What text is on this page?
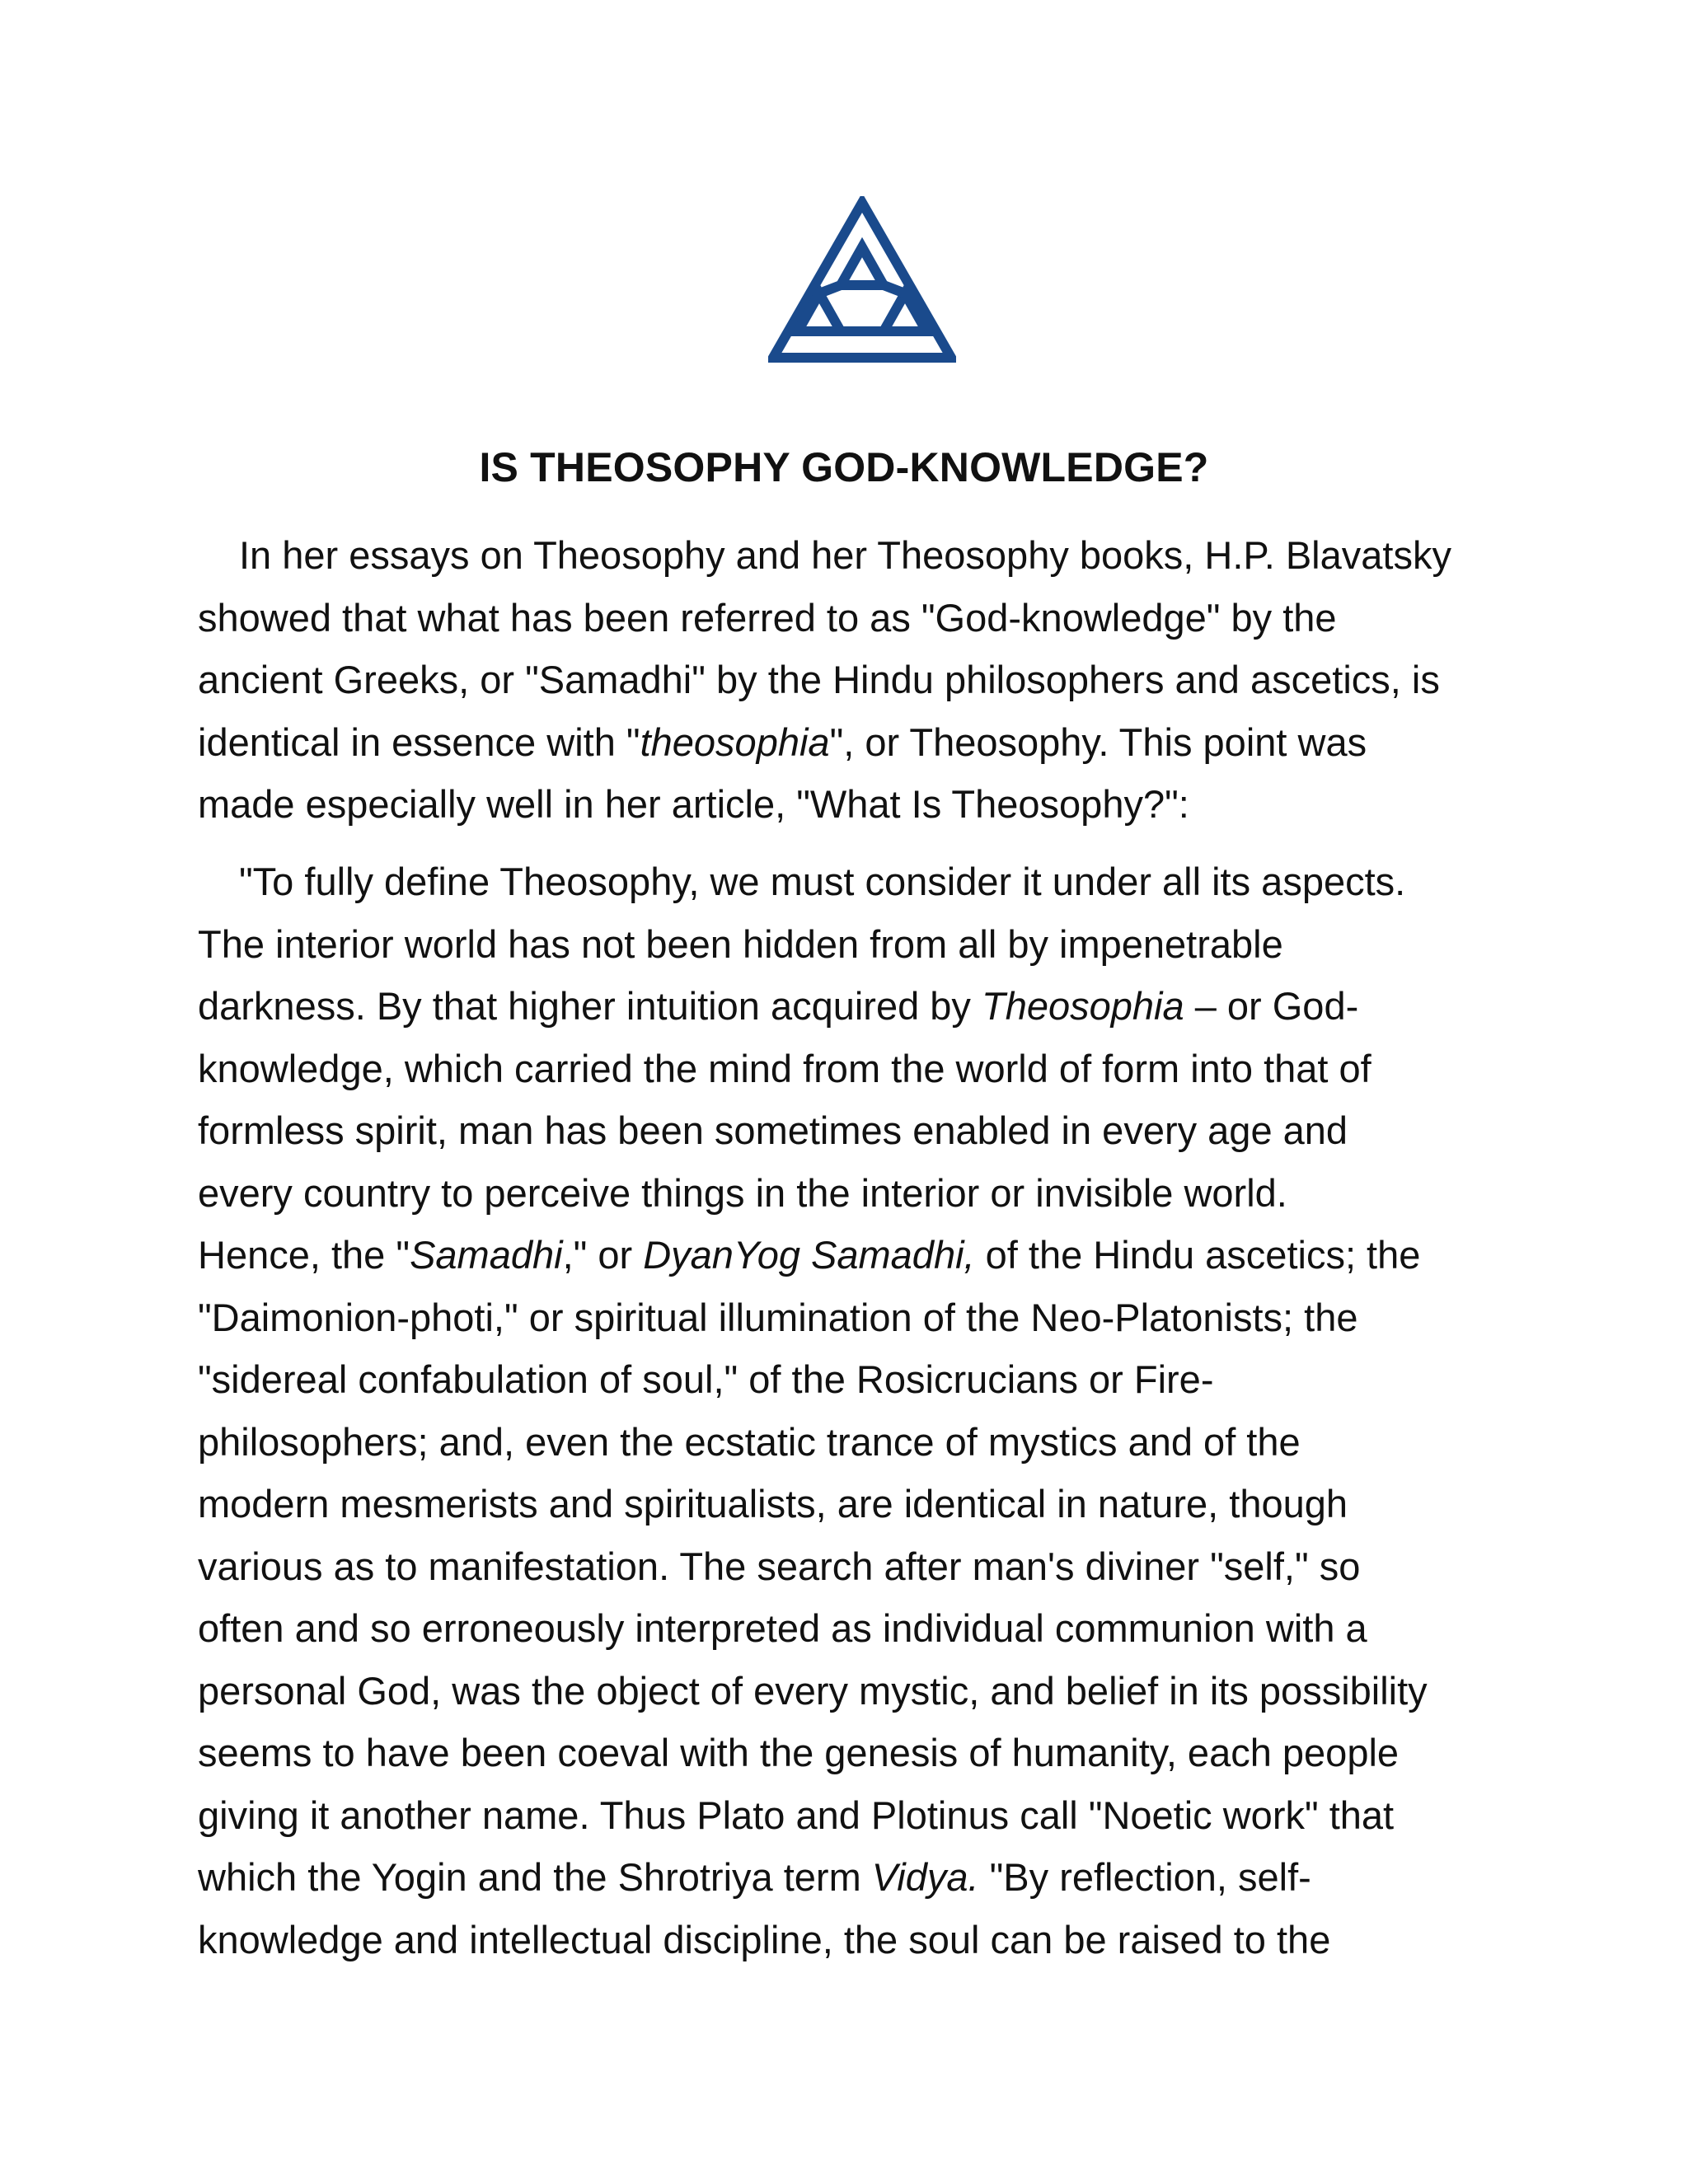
IS THEOSOPHY GOD-KNOWLEDGE?

In her essays on Theosophy and her Theosophy books, H.P. Blavatsky
showed that what has been referred to as "God-knowledge" by the
ancient Greeks, or "Samadhi" by the Hindu philosophers and ascetics, is
identical in essence with "theosophia", or Theosophy. This point was
made especially well in her article, "What Is Theosophy?":

"To fully define Theosophy, we must consider it under all its aspects.
The interior world has not been hidden from all by impenetrable
darkness. By that higher intuition acquired by Theosophia – or God-
knowledge, which carried the mind from the world of form into that of
formless spirit, man has been sometimes enabled in every age and
every country to perceive things in the interior or invisible world.
Hence, the "Samadhi," or DyanYog Samadhi, of the Hindu ascetics; the
"Daimonion-photi," or spiritual illumination of the Neo-Platonists; the
"sidereal confabulation of soul," of the Rosicrucians or Fire-
philosophers; and, even the ecstatic trance of mystics and of the
modern mesmerists and spiritualists, are identical in nature, though
various as to manifestation. The search after man's diviner "self," so
often and so erroneously interpreted as individual communion with a
personal God, was the object of every mystic, and belief in its possibility
seems to have been coeval with the genesis of humanity, each people
giving it another name. Thus Plato and Plotinus call "Noetic work" that
which the Yogin and the Shrotriya term Vidya. "By reflection, self-
knowledge and intellectual discipline, the soul can be raised to the
